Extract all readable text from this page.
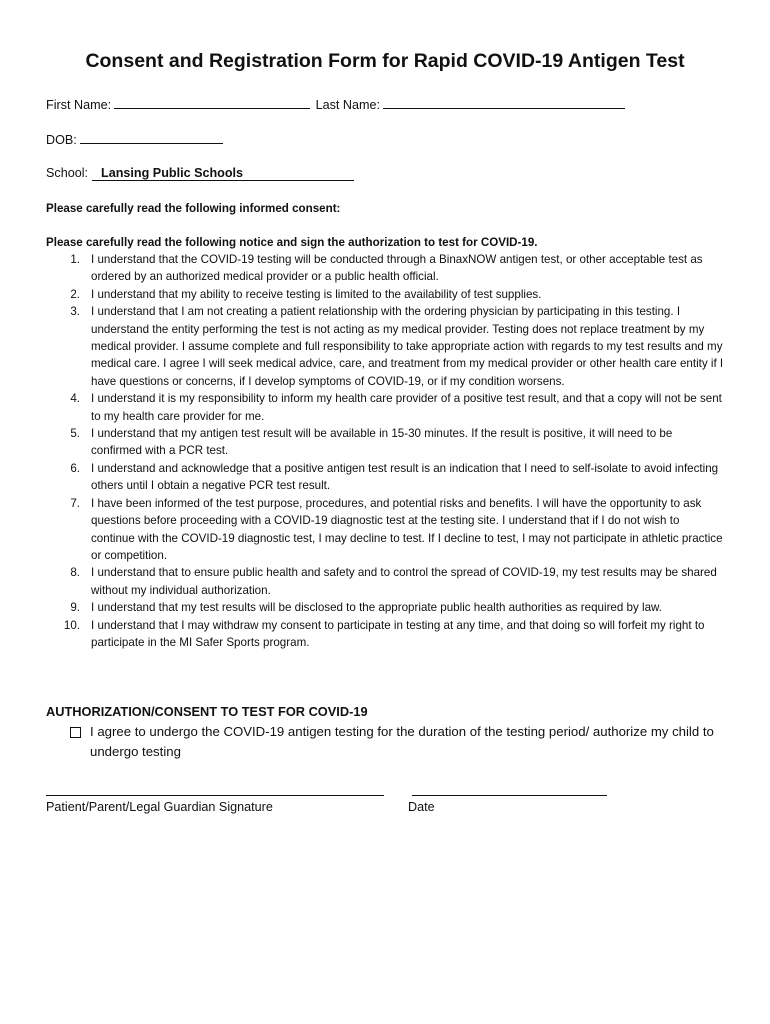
Consent and Registration Form for Rapid COVID-19 Antigen Test
First Name:	Last Name:
DOB:
School: Lansing Public Schools
Please carefully read the following informed consent:
Please carefully read the following notice and sign the authorization to test for COVID-19.
1. I understand that the COVID-19 testing will be conducted through a BinaxNOW antigen test, or other acceptable test as ordered by an authorized medical provider or a public health official.
2. I understand that my ability to receive testing is limited to the availability of test supplies.
3. I understand that I am not creating a patient relationship with the ordering physician by participating in this testing. I understand the entity performing the test is not acting as my medical provider. Testing does not replace treatment by my medical provider. I assume complete and full responsibility to take appropriate action with regards to my test results and my medical care. I agree I will seek medical advice, care, and treatment from my medical provider or other health care entity if I have questions or concerns, if I develop symptoms of COVID-19, or if my condition worsens.
4. I understand it is my responsibility to inform my health care provider of a positive test result, and that a copy will not be sent to my health care provider for me.
5. I understand that my antigen test result will be available in 15-30 minutes. If the result is positive, it will need to be confirmed with a PCR test.
6. I understand and acknowledge that a positive antigen test result is an indication that I need to self-isolate to avoid infecting others until I obtain a negative PCR test result.
7. I have been informed of the test purpose, procedures, and potential risks and benefits. I will have the opportunity to ask questions before proceeding with a COVID-19 diagnostic test at the testing site. I understand that if I do not wish to continue with the COVID-19 diagnostic test, I may decline to test. If I decline to test, I may not participate in athletic practice or competition.
8. I understand that to ensure public health and safety and to control the spread of COVID-19, my test results may be shared without my individual authorization.
9. I understand that my test results will be disclosed to the appropriate public health authorities as required by law.
10. I understand that I may withdraw my consent to participate in testing at any time, and that doing so will forfeit my right to participate in the MI Safer Sports program.
AUTHORIZATION/CONSENT TO TEST FOR COVID-19
I agree to undergo the COVID-19 antigen testing for the duration of the testing period/ authorize my child to undergo testing
Patient/Parent/Legal Guardian Signature	Date
